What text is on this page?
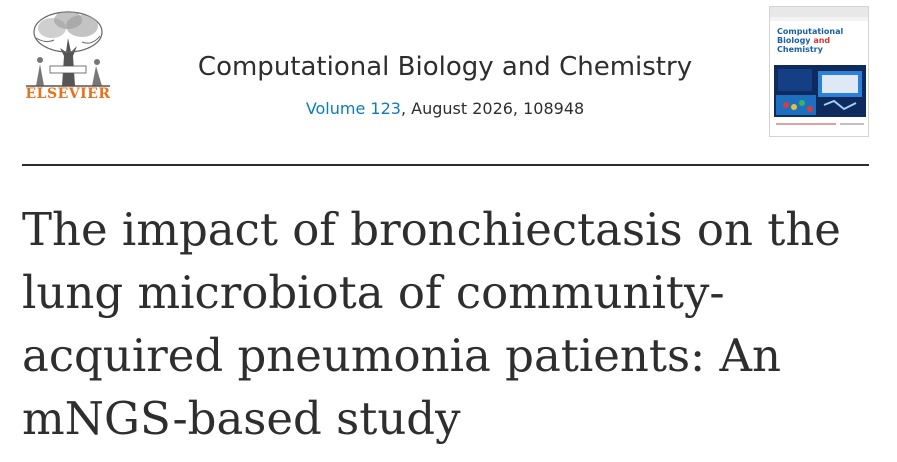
ELSEVIER
Computational Biology and Chemistry
Volume 123, August 2026, 108948
Computational
Biology and
Chemistry
The impact of bronchiectasis on the lung microbiota of community-acquired pneumonia patients: An mNGS-based study
